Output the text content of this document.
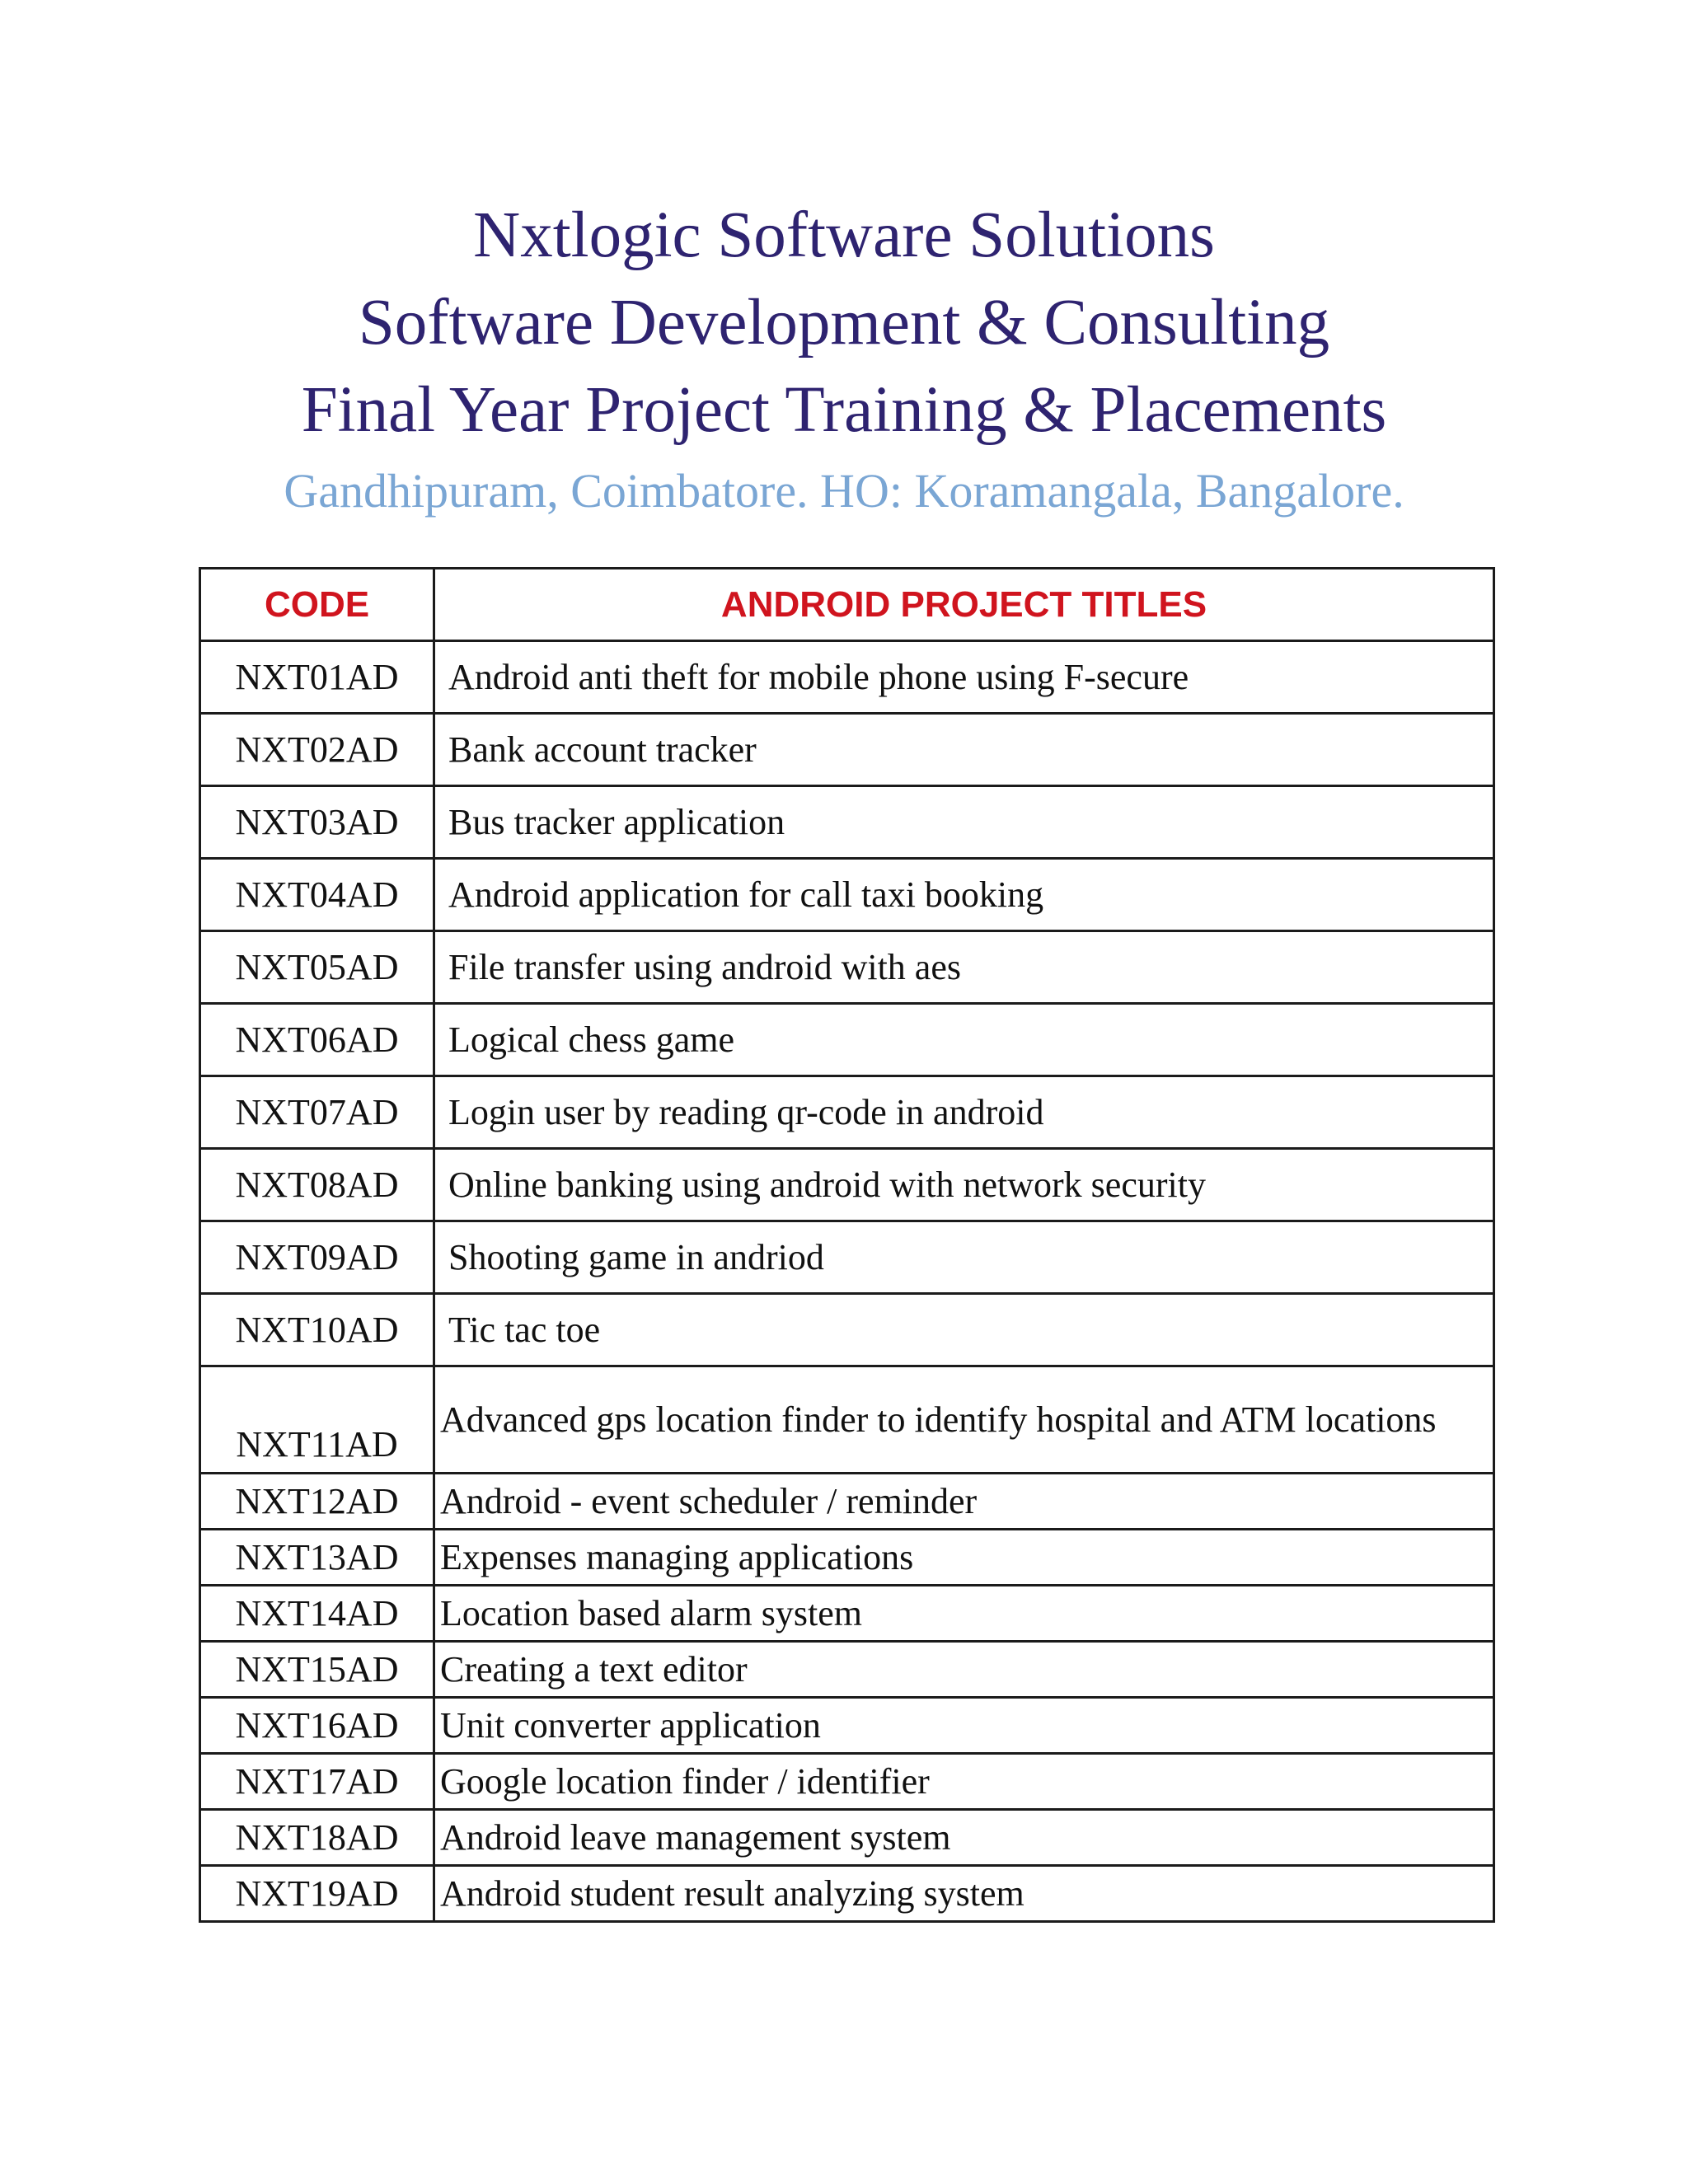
Nxtlogic Software Solutions
Software Development & Consulting
Final Year Project Training & Placements
Gandhipuram, Coimbatore. HO: Koramangala, Bangalore.
CODE	ANDROID PROJECT TITLES
NXT01AD	Android anti theft for mobile phone using F-secure
NXT02AD	Bank account tracker
NXT03AD	Bus tracker application
NXT04AD	Android application for call taxi booking
NXT05AD	File transfer using android with aes
NXT06AD	Logical chess game
NXT07AD	Login user by reading qr-code in android
NXT08AD	Online banking using android with network security
NXT09AD	Shooting game in andriod
NXT10AD	Tic tac toe
NXT11AD	Advanced gps location finder to identify hospital and ATM locations
NXT12AD	Android - event scheduler / reminder
NXT13AD	Expenses managing applications
NXT14AD	Location based alarm system
NXT15AD	Creating a text editor
NXT16AD	Unit converter application
NXT17AD	Google location finder / identifier
NXT18AD	Android leave management system
NXT19AD	Android student result analyzing system
